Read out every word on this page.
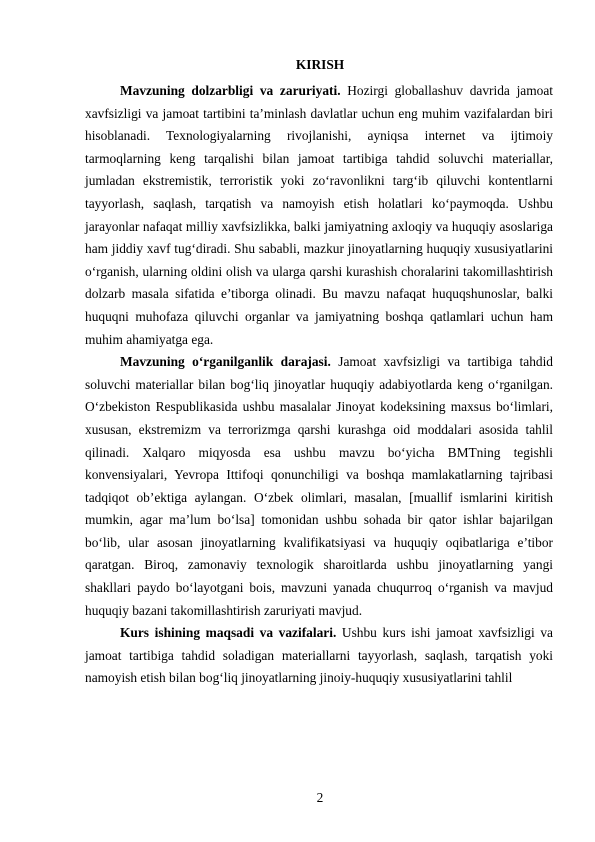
KIRISH

Mavzuning dolzarbligi va zaruriyati. Hozirgi globallashuv davrida jamoat xavfsizligi va jamoat tartibini ta’minlash davlatlar uchun eng muhim vazifalardan biri hisoblanadi. Texnologiyalarning rivojlanishi, ayniqsa internet va ijtimoiy tarmoqlarning keng tarqalishi bilan jamoat tartibiga tahdid soluvchi materiallar, jumladan ekstremistik, terroristik yoki zo‘ravonlikni targ‘ib qiluvchi kontentlarni tayyorlash, saqlash, tarqatish va namoyish etish holatlari ko‘paymoqda. Ushbu jarayonlar nafaqat milliy xavfsizlikka, balki jamiyatning axloqiy va huquqiy asoslariga ham jiddiy xavf tug‘diradi. Shu sababli, mazkur jinoyatlarning huquqiy xususiyatlarini o‘rganish, ularning oldini olish va ularga qarshi kurashish choralarini takomillashtirish dolzarb masala sifatida e’tiborga olinadi. Bu mavzu nafaqat huquqshunoslar, balki huquqni muhofaza qiluvchi organlar va jamiyatning boshqa qatlamlari uchun ham muhim ahamiyatga ega.

Mavzuning o‘rganilganlik darajasi. Jamoat xavfsizligi va tartibiga tahdid soluvchi materiallar bilan bog‘liq jinoyatlar huquqiy adabiyotlarda keng o‘rganilgan. O‘zbekiston Respublikasida ushbu masalalar Jinoyat kodeksining maxsus bo‘limlari, xususan, ekstremizm va terrorizmga qarshi kurashga oid moddalari asosida tahlil qilinadi. Xalqaro miqyosda esa ushbu mavzu bo‘yicha BMTning tegishli konvensiyalari, Yevropa Ittifoqi qonunchiligi va boshqa mamlakatlarning tajribasi tadqiqot ob’ektiga aylangan. O‘zbek olimlari, masalan, [muallif ismlarini kiritish mumkin, agar ma’lum bo‘lsa] tomonidan ushbu sohada bir qator ishlar bajarilgan bo‘lib, ular asosan jinoyatlarning kvalifikatsiyasi va huquqiy oqibatlariga e’tibor qaratgan. Biroq, zamonaviy texnologik sharoitlarda ushbu jinoyatlarning yangi shakllari paydo bo‘layotgani bois, mavzuni yanada chuqurroq o‘rganish va mavjud huquqiy bazani takomillashtirish zaruriyati mavjud.

Kurs ishining maqsadi va vazifalari. Ushbu kurs ishi jamoat xavfsizligi va jamoat tartibiga tahdid soladigan materiallarni tayyorlash, saqlash, tarqatish yoki namoyish etish bilan bog‘liq jinoyatlarning jinoiy-huquqiy xususiyatlarini tahlil

2
